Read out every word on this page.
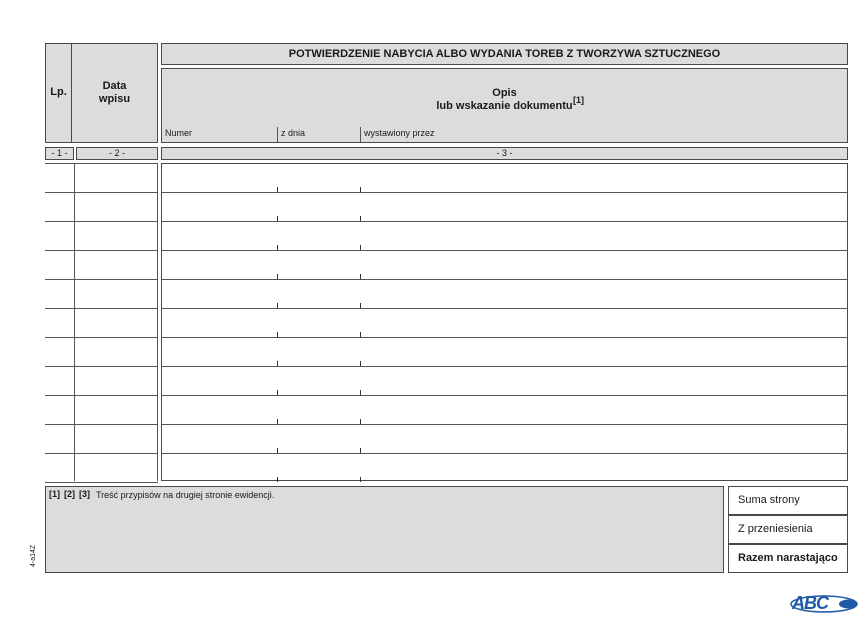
Lp.	Data
wpisu
POTWIERDZENIE NABYCIA ALBO WYDANIA TOREB Z TWORZYWA SZTUCZNEGO
Opis
lub wskazanie dokumentu [1]
Numer	z dnia	wystawiony przez
- 1 -	- 2 -	- 3 -
[1] [2] [3] Treść przypisów na drugiej stronie ewidencji.	Suma strony
Z przeniesienia
Razem narastająco
4-a14Z
ABC
